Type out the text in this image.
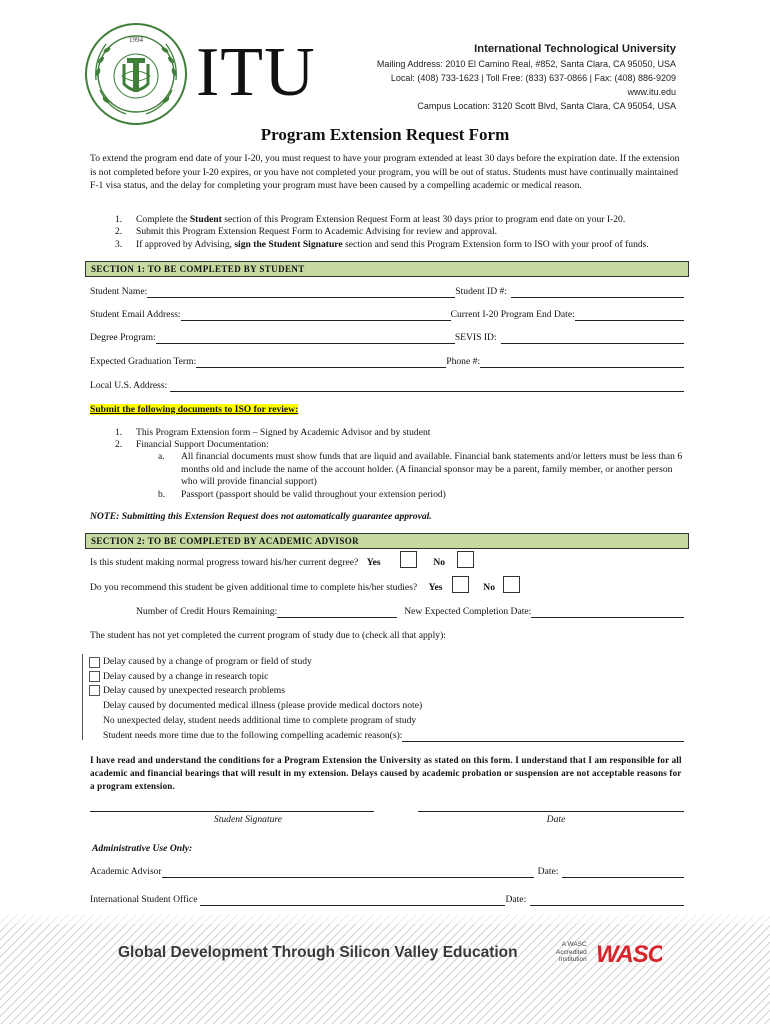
1994 ITU	International Technological University
Mailing Address: 2010 El Camino Real, #852, Santa Clara, CA 95050, USA
Local: (408) 733-1623 | Toll Free: (833) 637-0866 | Fax: (408) 886-9209
www.itu.edu
Campus Location: 3120 Scott Blvd, Santa Clara, CA 95054, USA
Program Extension Request Form
To extend the program end date of your I-20, you must request to have your program extended at least 30 days before the expiration date. If the extension is not completed before your I-20 expires, or you have not completed your program, you will be out of status. Students must have continually maintained F-1 visa status, and the delay for completing your program must have been caused by a compelling academic or medical reason.
1. Complete the Student section of this Program Extension Request Form at least 30 days prior to program end date on your I-20.
2. Submit this Program Extension Request Form to Academic Advising for review and approval.
3. If approved by Advising, sign the Student Signature section and send this Program Extension form to ISO with your proof of funds.
SECTION 1: TO BE COMPLETED BY STUDENT
Student Name:	Student ID #:
Student Email Address:	Current I-20 Program End Date:
Degree Program:	SEVIS ID:
Expected Graduation Term:	Phone #:
Local U.S. Address:
Submit the following documents to ISO for review:
1. This Program Extension form – Signed by Academic Advisor and by student
2. Financial Support Documentation:
a. All financial documents must show funds that are liquid and available. Financial bank statements and/or letters must be less than 6 months old and include the name of the account holder. (A financial sponsor may be a parent, family member, or another person who will provide financial support)
b. Passport (passport should be valid throughout your extension period)
NOTE: Submitting this Extension Request does not automatically guarantee approval.
SECTION 2: TO BE COMPLETED BY ACADEMIC ADVISOR
Is this student making normal progress toward his/her current degree? Yes	No
Do you recommend this student be given additional time to complete his/her studies? Yes	No
Number of Credit Hours Remaining:	New Expected Completion Date:
The student has not yet completed the current program of study due to (check all that apply):
Delay caused by a change of program or field of study
Delay caused by a change in research topic
Delay caused by unexpected research problems
Delay caused by documented medical illness (please provide medical doctors note)
No unexpected delay, student needs additional time to complete program of study
Student needs more time due to the following compelling academic reason(s):
I have read and understand the conditions for a Program Extension the University as stated on this form. I understand that I am responsible for all academic and financial bearings that will result in my extension. Delays caused by academic probation or suspension are not acceptable reasons for a program extension.
Student Signature	Date
Administrative Use Only:
Academic Advisor	Date:
International Student Office	Date:
Global Development Through Silicon Valley Education	A WASC
Accredited
Institution WASC
